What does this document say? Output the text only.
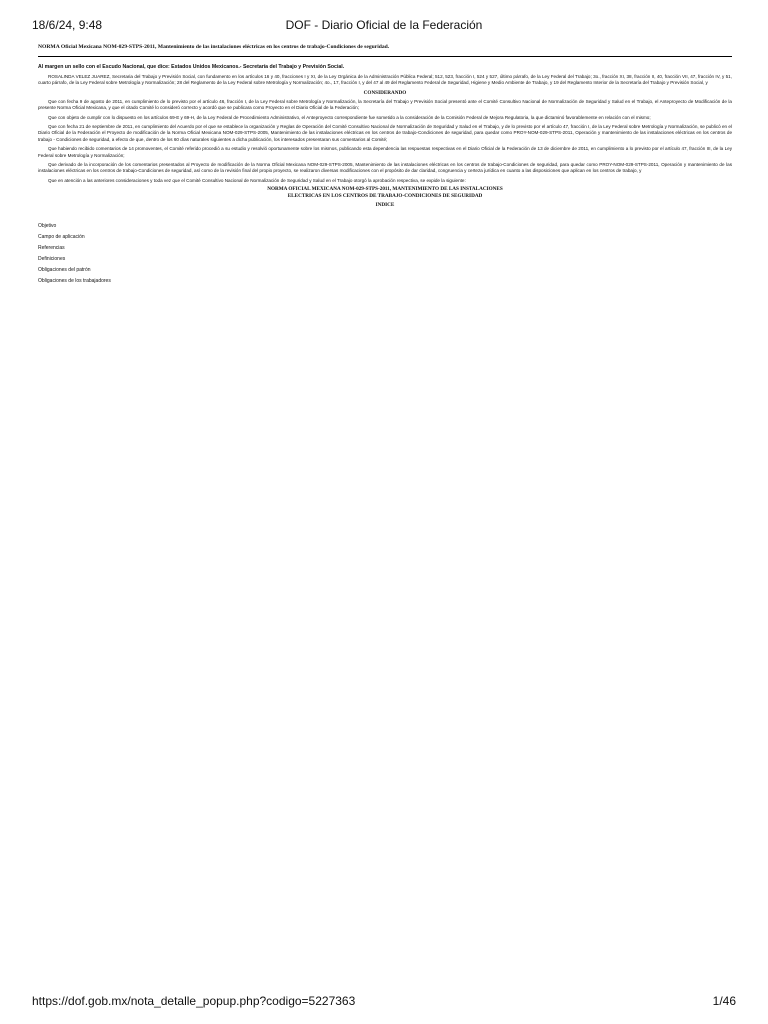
18/6/24, 9:48	DOF - Diario Oficial de la Federación
NORMA Oficial Mexicana NOM-029-STPS-2011, Mantenimiento de las instalaciones eléctricas en los centros de trabajo-Condiciones de seguridad.
Al margen un sello con el Escudo Nacional, que dice: Estados Unidos Mexicanos.- Secretaría del Trabajo y Previsión Social.

ROSALINDA VELEZ JUAREZ, Secretaria del Trabajo y Previsión Social, con fundamento en los artículos 16 y 40, fracciones I y XI, de la Ley Orgánica de la Administración Pública Federal; 512, 523, fracción I, 524 y 527, último párrafo, de la Ley Federal del Trabajo; 3o., fracción XI, 38, fracción II, 40, fracción VII, 47, fracción IV, y 51, cuarto párrafo, de la Ley Federal sobre Metrología y Normalización; 28 del Reglamento de la Ley Federal sobre Metrología y Normalización; 4o., 17, fracción I, y del 47 al 49 del Reglamento Federal de Seguridad, Higiene y Medio Ambiente de Trabajo, y 19 del Reglamento Interior de la Secretaría del Trabajo y Previsión Social, y

CONSIDERANDO

Que con fecha 9 de agosto de 2011, en cumplimiento de lo previsto por el artículo 46, fracción I, de la Ley Federal sobre Metrología y Normalización, la Secretaría del Trabajo y Previsión Social presentó ante el Comité Consultivo Nacional de Normalización de Seguridad y Salud en el Trabajo, el Anteproyecto de Modificación de la presente Norma Oficial Mexicana, y que el citado Comité lo consideró correcto y acordó que se publicara como Proyecto en el Diario Oficial de la Federación;

Que con objeto de cumplir con lo dispuesto en los artículos 69-E y 69-H, de la Ley Federal de Procedimiento Administrativo, el Anteproyecto correspondiente fue sometido a la consideración de la Comisión Federal de Mejora Regulatoria, la que dictaminó favorablemente en relación con el mismo;

Que con fecha 21 de septiembre de 2011, en cumplimiento del Acuerdo por el que se establece la organización y Reglas de Operación del Comité Consultivo Nacional de Normalización de Seguridad y Salud en el Trabajo, y de lo previsto por el artículo 47, fracción I, de la Ley Federal sobre Metrología y Normalización, se publicó en el Diario Oficial de la Federación el Proyecto de modificación de la Norma Oficial Mexicana NOM-029-STPS-2005, Mantenimiento de las instalaciones eléctricas en los centros de trabajo-Condiciones de seguridad, para quedar como PROY-NOM-029-STPS-2011, Operación y mantenimiento de las instalaciones eléctricas en los centros de trabajo - Condiciones de seguridad, a efecto de que, dentro de los 60 días naturales siguientes a dicha publicación, los interesados presentaran sus comentarios al Comité;

Que habiendo recibido comentarios de 14 promoventes, el Comité referido procedió a su estudio y resolvió oportunamente sobre los mismos, publicando esta dependencia las respuestas respectivas en el Diario Oficial de la Federación de 13 de diciembre de 2011, en cumplimiento a lo previsto por el artículo 47, fracción III, de la Ley Federal sobre Metrología y Normalización;

Que derivado de la incorporación de los comentarios presentados al Proyecto de modificación de la Norma Oficial Mexicana NOM-029-STPS-2005, Mantenimiento de las instalaciones eléctricas en los centros de trabajo-Condiciones de seguridad, para quedar como PROY-NOM-029-STPS-2011, Operación y mantenimiento de las instalaciones eléctricas en los centros de trabajo-Condiciones de seguridad, así como de la revisión final del propio proyecto, se realizaron diversas modificaciones con el propósito de dar claridad, congruencia y certeza jurídica en cuanto a las disposiciones que aplican en los centros de trabajo, y

Que en atención a las anteriores consideraciones y toda vez que el Comité Consultivo Nacional de Normalización de Seguridad y Salud en el Trabajo otorgó la aprobación respectiva, se expide la siguiente:

NORMA OFICIAL MEXICANA NOM-029-STPS-2011, MANTENIMIENTO DE LAS INSTALACIONES
ELECTRICAS EN LOS CENTROS DE TRABAJO-CONDICIONES DE SEGURIDAD
INDICE
Objetivo
Campo de aplicación
Referencias
Definiciones
Obligaciones del patrón
Obligaciones de los trabajadores
https://dof.gob.mx/nota_detalle_popup.php?codigo=5227363	1/46
